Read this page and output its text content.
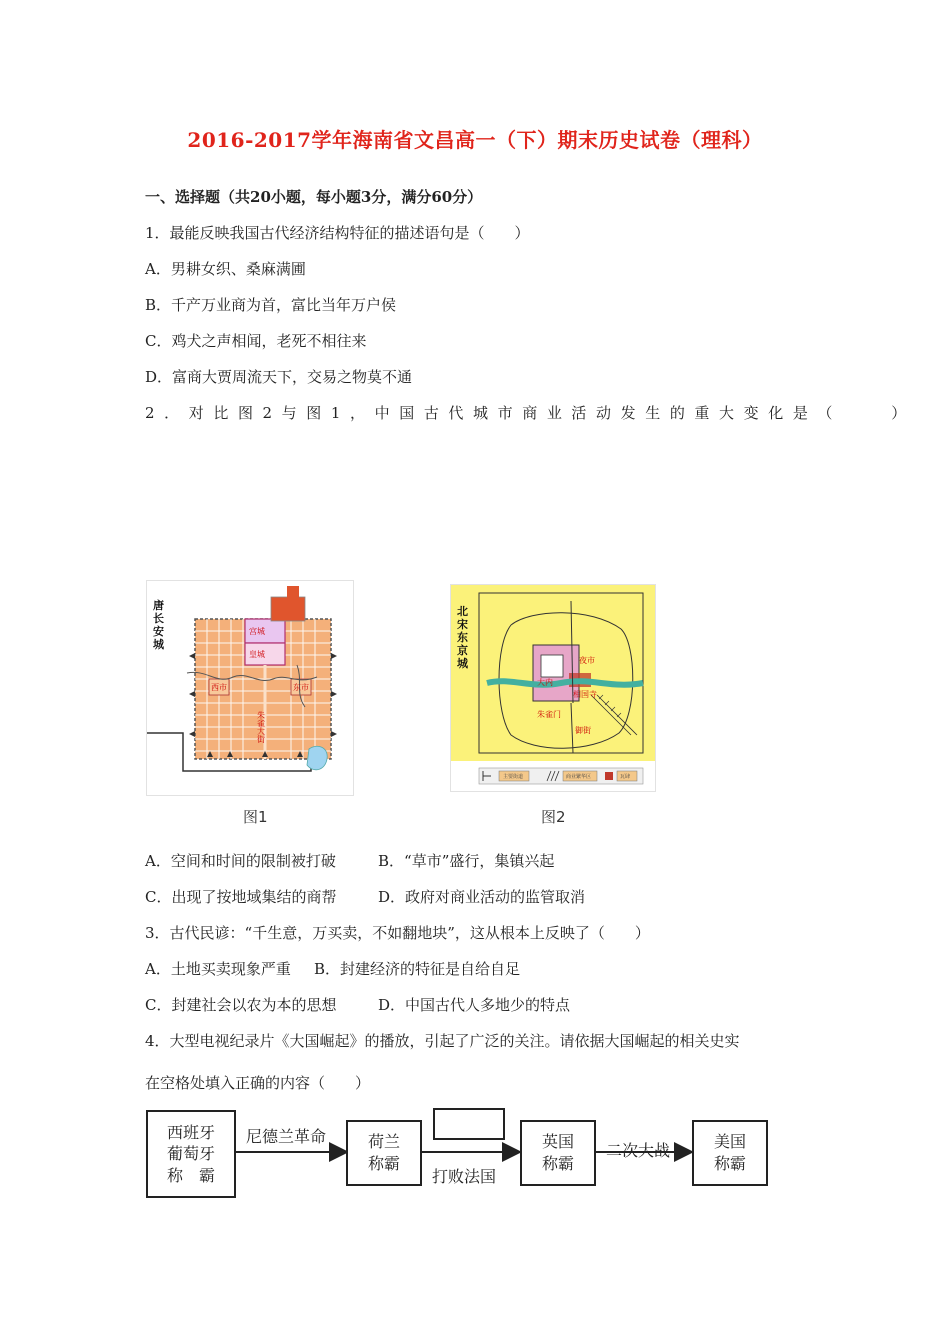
2016-2017学年海南省文昌高一（下）期末历史试卷（理科）
一、选择题（共20小题，每小题3分，满分60分）
1．最能反映我国古代经济结构特征的描述语句是（　　）
A．男耕女织、桑麻满圃
B．千产万业商为首，富比当年万户侯
C．鸡犬之声相闻，老死不相往来
D．富商大贾周流天下，交易之物莫不通
2．对比图2与图1，中国古代城市商业活动发生的重大变化是（　　）
唐
长
安
城
宫城
皇城
西市	东市
朱雀大街
图1
北
宋
东
京
城
大内
夜市
相国寺
朱雀门
御街
主要街道	商业繁华区	瓦肆
图2
A．空间和时间的限制被打破	B．“草市”盛行，集镇兴起
C．出现了按地域集结的商帮	D．政府对商业活动的监管取消
3．古代民谚：“千生意，万买卖，不如翻地块”，这从根本上反映了（　　）
A．土地买卖现象严重 B．封建经济的特征是自给自足
C．封建社会以农为本的思想	D．中国古代人多地少的特点
4．大型电视纪录片《大国崛起》的播放，引起了广泛的关注。请依据大国崛起的相关史实
在空格处填入正确的内容（　　）
西班牙
葡萄牙
称　霸
尼德兰革命	荷兰
称霸
打败法国
英国
称霸
二次大战	美国
称霸
